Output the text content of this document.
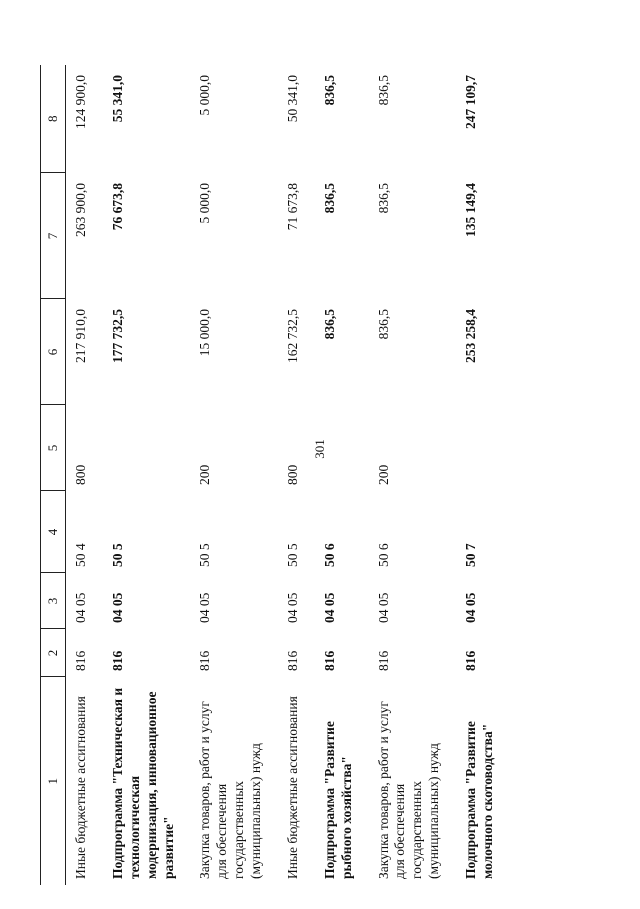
301
1	2	3	4	5	6	7	8
Иные бюджетные ассигнования	816	04 05	50 4	800	217 910,0	263 900,0	124 900,0
Подпрограмма "Техническая и технологическая модернизация, инновационное развитие"	816	04 05	50 5		177 732,5	76 673,8	55 341,0
Закупка товаров, работ и услуг для обеспечения государственных (муниципальных) нужд	816	04 05	50 5	200	15 000,0	5 000,0	5 000,0
Иные бюджетные ассигнования	816	04 05	50 5	800	162 732,5	71 673,8	50 341,0
Подпрограмма "Развитие рыбного хозяйства"	816	04 05	50 6		836,5	836,5	836,5
Закупка товаров, работ и услуг для обеспечения государственных (муниципальных) нужд	816	04 05	50 6	200	836,5	836,5	836,5
Подпрограмма "Развитие молочного скотоводства"	816	04 05	50 7		253 258,4	135 149,4	247 109,7
